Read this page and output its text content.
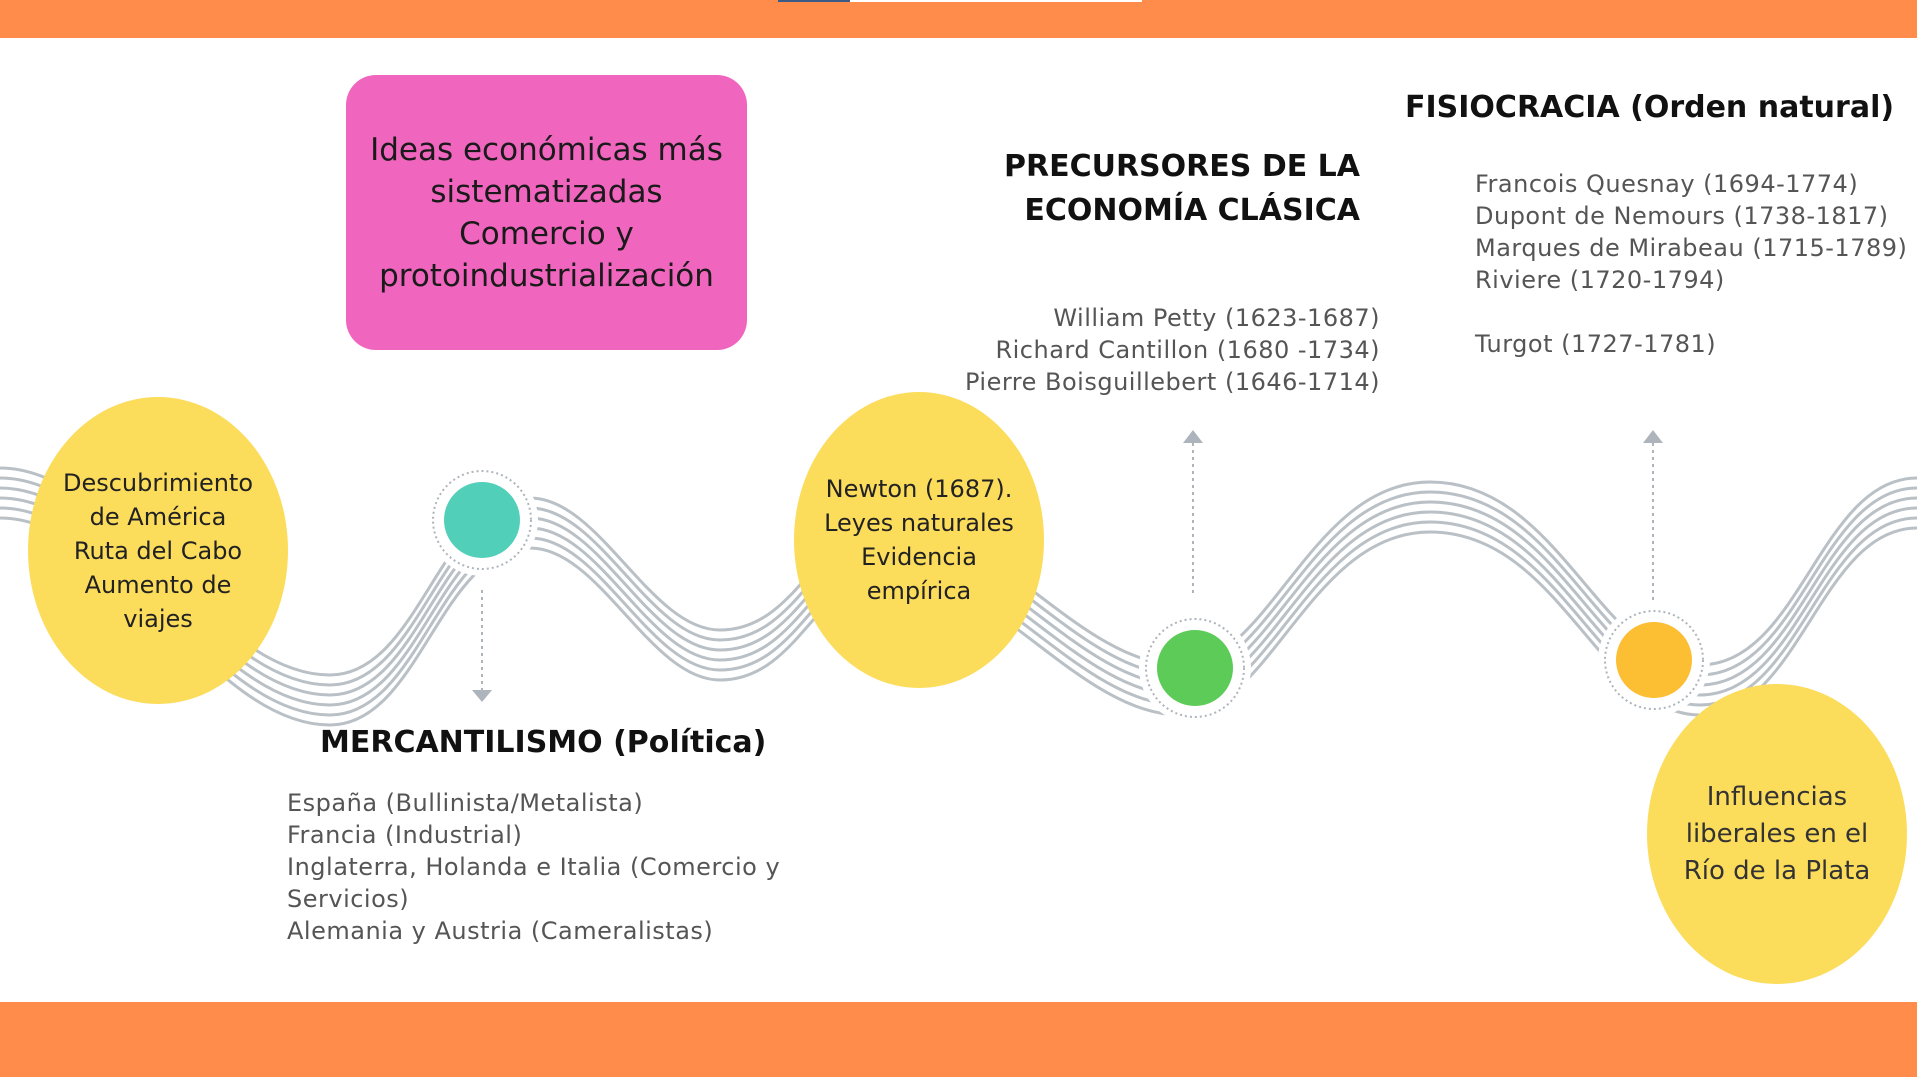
Descubrimiento
de América
Ruta del Cabo
Aumento de
viajes
Newton (1687).
Leyes naturales
Evidencia
empírica
Influencias
liberales en el
Río de la Plata
Ideas económicas más
sistematizadas
Comercio y
protoindustrialización
MERCANTILISMO (Política)
España (Bullinista/Metalista)
Francia (Industrial)
Inglaterra, Holanda e Italia (Comercio y
Servicios)
Alemania y Austria (Cameralistas)
PRECURSORES DE LA
ECONOMÍA CLÁSICA
William Petty (1623-1687)
Richard Cantillon (1680 -1734)
Pierre Boisguillebert (1646-1714)
FISIOCRACIA (Orden natural)
Francois Quesnay (1694-1774)
Dupont de Nemours (1738-1817)
Marques de Mirabeau (1715-1789)
Riviere (1720-1794)
Turgot (1727-1781)
